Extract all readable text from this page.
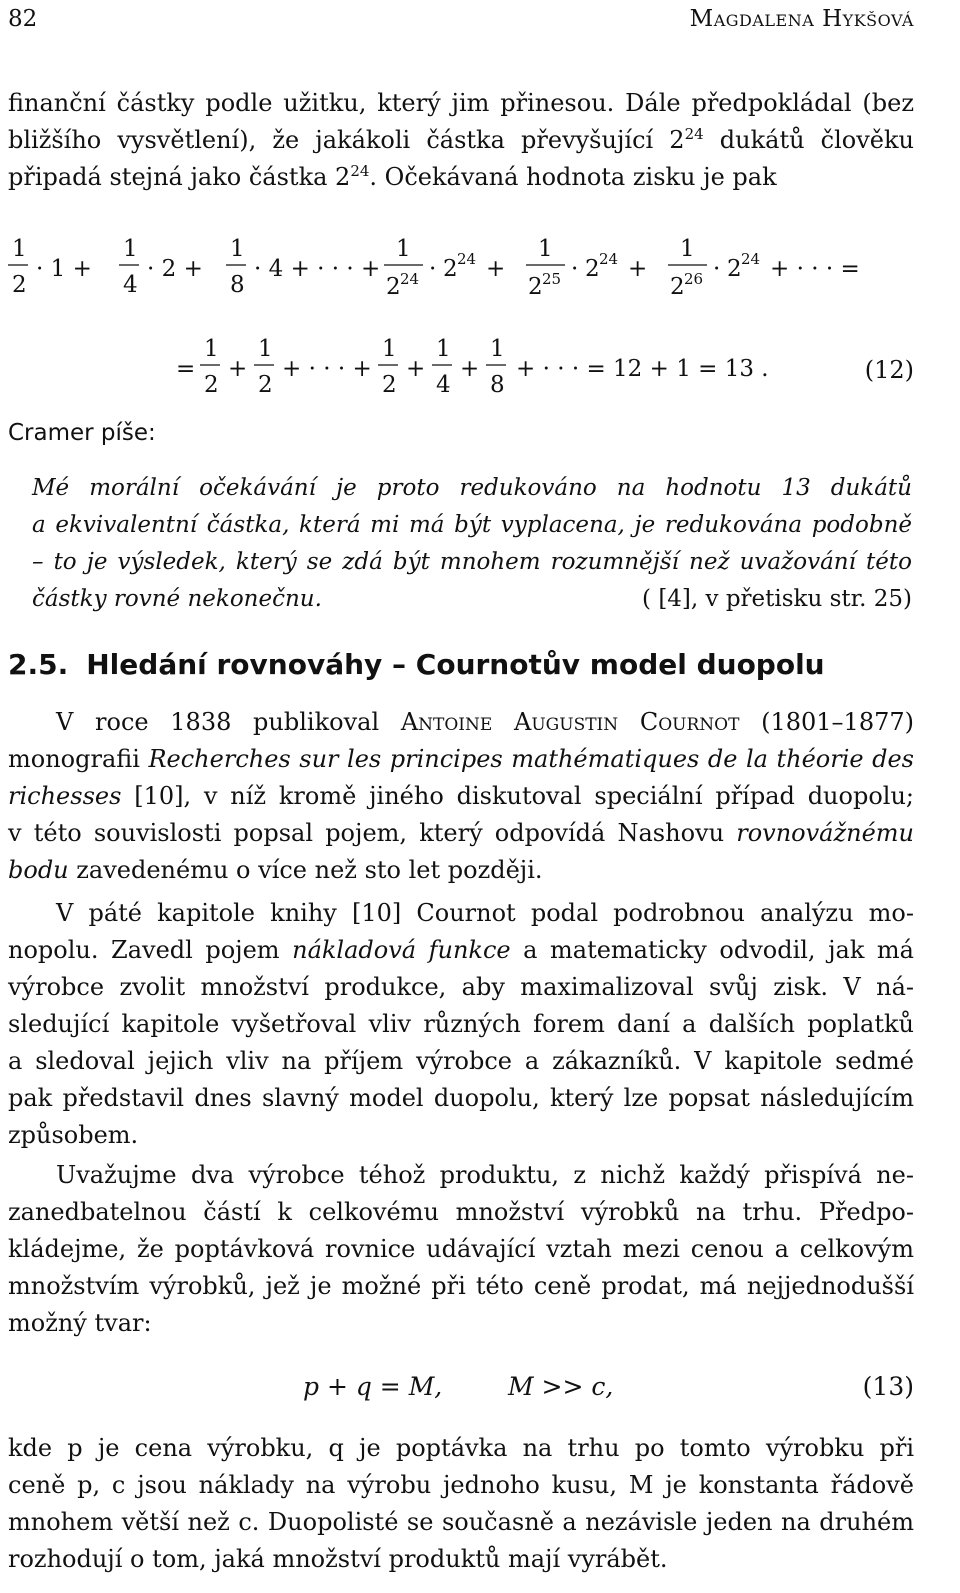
82	Magdalena Hykšová
finanční částky podle užitku, který jim přinesou. Dále předpokládal (bez
bližšího vysvětlení), že jakákoli částka převyšující $2^{24}$ dukátů člověku
připadá stejná jako částka $2^{24}$. Očekávaná hodnota zisku je pak
1
2
· 1 +
1
4
· 2 +
1
8
· 4 + · · · +
1
2 24 · 2 24 +
1
2 25 · 2 24 +
1
2 26 · 2 24 + · · · =
=
1
2
+
1
2
+ · · · +
1
2
+
1
4
+
1
8
+ · · · = 12 + 1 = 13 .	(12)
Cramer píše:
Mé morální očekávání je proto redukováno na hodnotu 13 dukátů
a ekvivalentní částka, která mi má být vyplacena, je redukována podobně
– to je výsledek, který se zdá být mnohem rozumnější než uvažování této
částky rovné nekonečnu.	( [4], v přetisku str. 25)
2.5. Hledání rovnováhy – Cournotův model duopolu
V roce 1838 publikoval Antoine Augustin Cournot (1801–1877)
monografii Recherches sur les principes mathématiques de la théorie des
richesses [10], v níž kromě jiného diskutoval speciální případ duopolu;
v této souvislosti popsal pojem, který odpovídá Nashovu rovnovážnému
bodu zavedenému o více než sto let později.
V páté kapitole knihy [10] Cournot podal podrobnou analýzu mo-
nopolu. Zavedl pojem nákladová funkce a matematicky odvodil, jak má
výrobce zvolit množství produkce, aby maximalizoval svůj zisk. V ná-
sledující kapitole vyšetřoval vliv různých forem daní a dalších poplatků
a sledoval jejich vliv na příjem výrobce a zákazníků. V kapitole sedmé
pak představil dnes slavný model duopolu, který lze popsat následujícím
způsobem.
Uvažujme dva výrobce téhož produktu, z nichž každý přispívá ne-
zanedbatelnou částí k celkovému množství výrobků na trhu. Předpo-
kládejme, že poptávková rovnice udávající vztah mezi cenou a celkovým
množstvím výrobků, jež je možné při této ceně prodat, má nejjednodušší
možný tvar:
p + q = M,	M >> c,	(13)
kde p je cena výrobku, q je poptávka na trhu po tomto výrobku při
ceně p, c jsou náklady na výrobu jednoho kusu, M je konstanta řádově
mnohem větší než c. Duopolisté se současně a nezávisle jeden na druhém
rozhodují o tom, jaká množství produktů mají vyrábět.
